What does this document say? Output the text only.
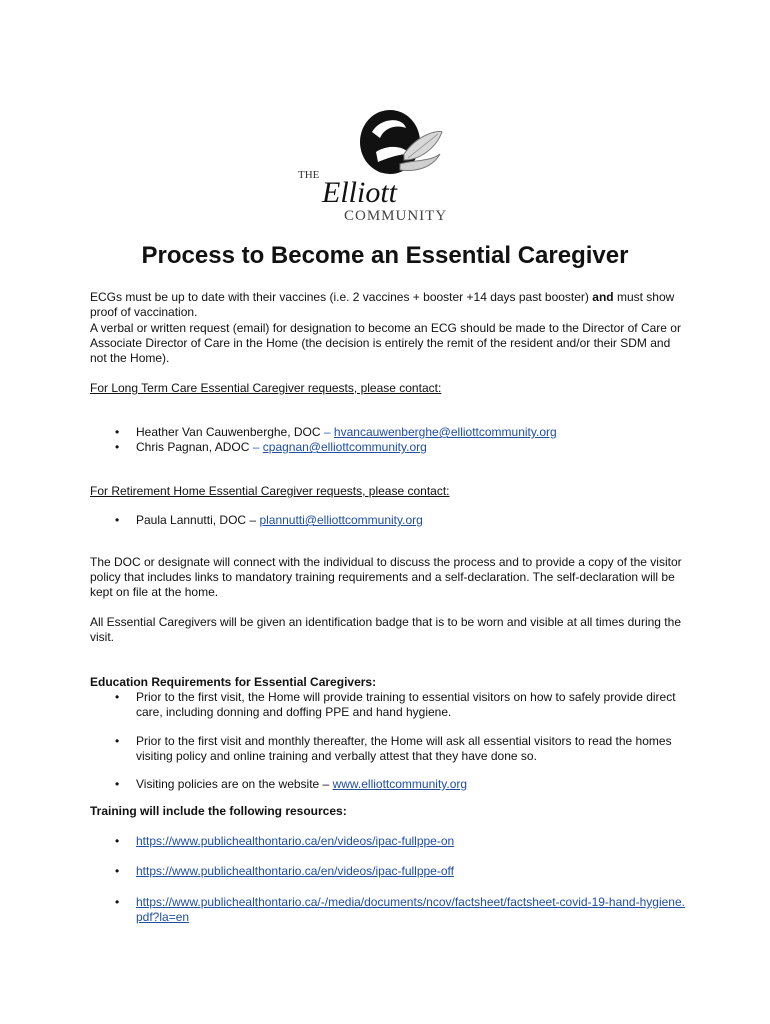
THE
Elliott
COMMUNITY
Process to Become an Essential Caregiver

ECGs must be up to date with their vaccines (i.e. 2 vaccines + booster +14 days past booster) and must show proof of vaccination.

A verbal or written request (email) for designation to become an ECG should be made to the Director of Care or Associate Director of Care in the Home (the decision is entirely the remit of the resident and/or their SDM and not the Home).

For Long Term Care Essential Caregiver requests, please contact:

• Heather Van Cauwenberghe, DOC – hvancauwenberghe@elliottcommunity.org
• Chris Pagnan, ADOC – cpagnan@elliottcommunity.org

For Retirement Home Essential Caregiver requests, please contact:

• Paula Lannutti, DOC – plannutti@elliottcommunity.org

The DOC or designate will connect with the individual to discuss the process and to provide a copy of the visitor policy that includes links to mandatory training requirements and a self-declaration. The self-declaration will be kept on file at the home.

All Essential Caregivers will be given an identification badge that is to be worn and visible at all times during the visit.

Education Requirements for Essential Caregivers:

• Prior to the first visit, the Home will provide training to essential visitors on how to safely provide direct care, including donning and doffing PPE and hand hygiene.
• Prior to the first visit and monthly thereafter, the Home will ask all essential visitors to read the homes visiting policy and online training and verbally attest that they have done so.
• Visiting policies are on the website – www.elliottcommunity.org

Training will include the following resources:

• https://www.publichealthontario.ca/en/videos/ipac-fullppe-on
• https://www.publichealthontario.ca/en/videos/ipac-fullppe-off
• https://www.publichealthontario.ca/-/media/documents/ncov/factsheet/factsheet-covid-19-hand-hygiene.pdf?la=en
